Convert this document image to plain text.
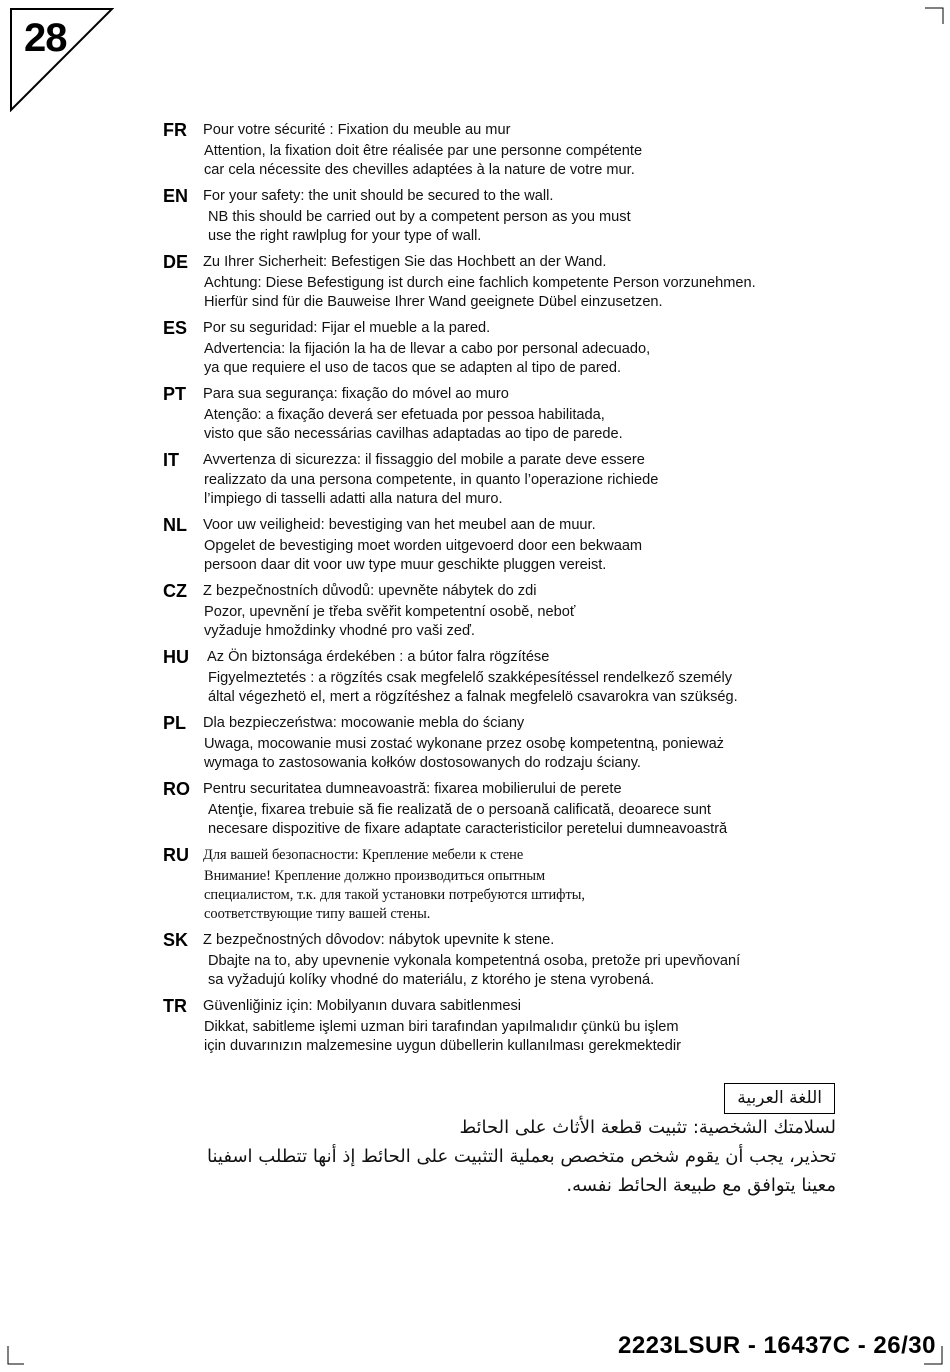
28
FR	Pour votre sécurité : Fixation du meuble au mur
Attention, la fixation doit être réalisée par une personne compétente
car cela nécessite des chevilles adaptées à la nature de votre mur.
EN	For your safety: the unit should be secured to the wall.
NB this should be carried out by a competent person as you must
use the right rawlplug for your type of wall.
DE	Zu Ihrer Sicherheit: Befestigen Sie das Hochbett an der Wand.
Achtung: Diese Befestigung ist durch eine fachlich kompetente Person vorzunehmen.
Hierfür sind für die Bauweise Ihrer Wand geeignete Dübel einzusetzen.
ES	Por su seguridad: Fijar el mueble a la pared.
Advertencia: la fijación la ha de llevar a cabo por personal adecuado,
ya que requiere el uso de tacos que se adapten al tipo de pared.
PT	Para sua segurança: fixação do móvel ao muro
Atenção: a fixação deverá ser efetuada por pessoa habilitada,
visto que são necessárias cavilhas adaptadas ao tipo de parede.
IT	Avvertenza di sicurezza: il fissaggio del mobile a parate deve essere
realizzato da una persona competente, in quanto l’operazione richiede
l’impiego di tasselli adatti alla natura del muro.
NL	Voor uw veiligheid: bevestiging van het meubel aan de muur.
Opgelet de bevestiging moet worden uitgevoerd door een bekwaam
persoon daar dit voor uw type muur geschikte pluggen vereist.
CZ	Z bezpečnostních důvodů: upevněte nábytek do zdi
Pozor, upevnění je třeba svěřit kompetentní osobě, neboť
vyžaduje hmoždinky vhodné pro vaši zeď.
HU	Az Ön biztonsága érdekében : a bútor falra rögzítése
Figyelmeztetés : a rögzítés csak megfelelő szakképesítéssel rendelkező személy
által végezhetö el, mert a rögzítéshez a falnak megfelelö csavarokra van szükség.
PL	Dla bezpieczeństwa: mocowanie mebla do ściany
Uwaga, mocowanie musi zostać wykonane przez osobę kompetentną, ponieważ
wymaga to zastosowania kołków dostosowanych do rodzaju ściany.
RO Pentru securitatea dumneavoastră: fixarea mobilierului de perete
Atenţie, fixarea trebuie să fie realizată de o persoană calificată, deoarece sunt
necesare dispozitive de fixare adaptate caracteristicilor peretelui dumneavoastră
RU Для вашей безопасности: Крепление мебели к стене
Внимание! Крепление должно производиться опытным
специалистом, т.к. для такой установки потребуются штифты,
соответствующие типу вашей стены.
SK	Z bezpečnostných dôvodov: nábytok upevnite k stene.
Dbajte na to, aby upevnenie vykonala kompetentná osoba, pretože pri upevňovaní
sa vyžadujú kolíky vhodné do materiálu, z ktorého je stena vyrobená.
TR	Güvenliğiniz için: Mobilyanın duvara sabitlenmesi
Dikkat, sabitleme işlemi uzman biri tarafından yapılmalıdır çünkü bu işlem
için duvarınızın malzemesine uygun dübellerin kullanılması gerekmektedir
اللغة العربية
لسلامتك الشخصية: تثبيت قطعة الأثاث على الحائط
تحذير، يجب أن يقوم شخص متخصص بعملية التثبيت على الحائط إذ أنها تتطلب اسفينا
معينا يتوافق مع طبيعة الحائط نفسه.
2223LSUR - 16437C - 26/30
